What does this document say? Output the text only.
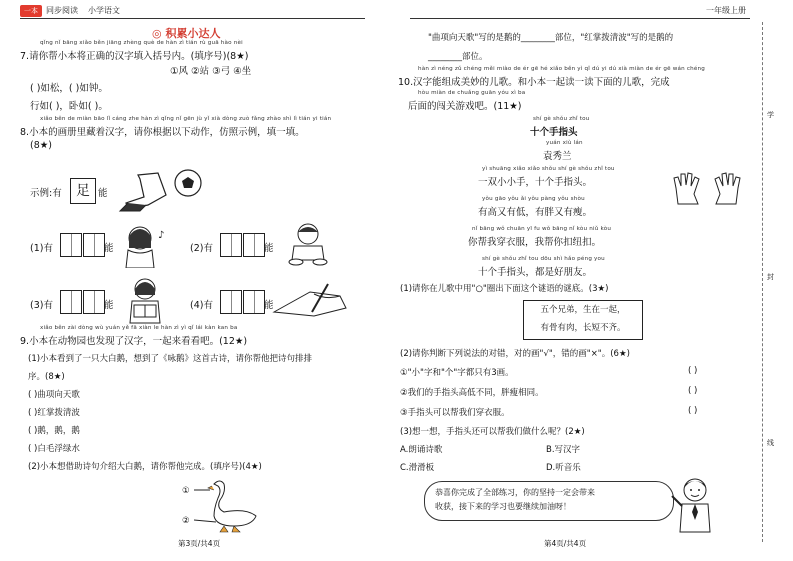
一本	同步阅读 小学语文	一年级上册
◎ 积累小达人
qǐng nǐ bāng xiǎo běn jiāng zhèng què de hàn zì tián rù guā hào nèi
7.请你帮小本将正确的汉字填入括号内。(填序号)(8★)
①风 ②站 ③弓 ④坐
( )如松，( )如钟。
行如( )，卧如( )。
xiǎo běn de miàn bāo lǐ cáng zhe hàn zì qǐng nǐ gēn jù yǐ xià dòng zuò fǎng zhào shì lì tián yi tián
8.小本的画册里藏着汉字，请你根据以下动作，仿照示例，填一填。
(8★)
示例:有	足 能
(1)有	能
♪
(2)有	能
(3)有	能	(4)有	能
xiǎo běn zài dòng wù yuán yě fā xiàn le hàn zì yì qǐ lái kàn kan ba
9.小本在动物园也发现了汉字，一起来看看吧。(12★)
(1)小本看到了一只大白鹅，想到了《咏鹅》这首古诗，请你帮他把诗句排排
序。(8★)
( )曲项向天歌
( )红掌拨清波
( )鹅，鹅，鹅
( )白毛浮绿水
(2)小本想借助诗句介绍大白鹅，请你帮他完成。(填序号)(4★)
①
②
第3页/共4页
"曲项向天歌"写的是鹅的________部位，"红掌拨清波"写的是鹅的
________部位。
hàn zì néng zǔ chéng měi miào de ér gē hé xiǎo běn yì qǐ dú yi dú xià miàn de ér gē wán chéng
10.汉字能组成美妙的儿歌。和小本一起读一读下面的儿歌，完成
hòu miàn de chuǎng guān yóu xì ba
后面的闯关游戏吧。(11★)
shí gè shǒu zhǐ tou
十个手指头
yuán xiù lán
袁秀兰
yì shuāng xiǎo xiǎo shǒu shí gè shǒu zhǐ tou
一双小小手，十个手指头。
yǒu gāo yǒu ǎi yǒu pàng yǒu shòu
有高又有低，有胖又有瘦。
nǐ bāng wǒ chuān yī fu wǒ bāng nǐ kòu niǔ kòu
你帮我穿衣服，我帮你扣纽扣。
shí gè shǒu zhǐ tou dōu shì hǎo péng you
十个手指头，都是好朋友。
(1)请你在儿歌中用"○"圈出下面这个谜语的谜底。(3★)
五个兄弟，生在一起，
有骨有肉，长短不齐。
(2)请你判断下列说法的对错，对的画"√"，错的画"×"。(6★)
①"小"字和"个"字都只有3画。	( )
②我们的手指头高低不同，胖瘦相同。	( )
③手指头可以帮我们穿衣服。	( )
(3)想一想，手指头还可以帮我们做什么呢？(2★)
A.朗诵诗歌	B.写汉字
C.滑滑板	D.听音乐
恭喜你完成了全部练习，你的坚持一定会带来
收获，接下来的学习也要继续加油呀！
第4页/共4页
学
封
线
